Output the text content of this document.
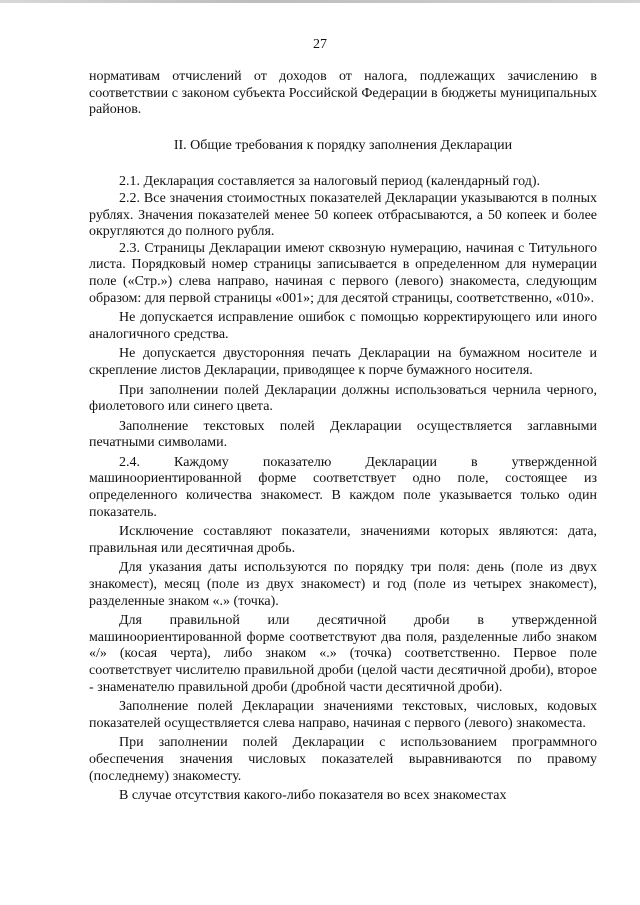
27

нормативам отчислений от доходов от налога, подлежащих зачислению в соответствии с законом субъекта Российской Федерации в бюджеты муниципальных районов.

II. Общие требования к порядку заполнения Декларации

2.1. Декларация составляется за налоговый период (календарный год).

2.2. Все значения стоимостных показателей Декларации указываются в полных рублях. Значения показателей менее 50 копеек отбрасываются, а 50 копеек и более округляются до полного рубля.

2.3. Страницы Декларации имеют сквозную нумерацию, начиная с Титульного листа. Порядковый номер страницы записывается в определенном для нумерации поле («Стр.») слева направо, начиная с первого (левого) знакоместа, следующим образом: для первой страницы «001»; для десятой страницы, соответственно, «010».

Не допускается исправление ошибок с помощью корректирующего или иного аналогичного средства.

Не допускается двусторонняя печать Декларации на бумажном носителе и скрепление листов Декларации, приводящее к порче бумажного носителя.

При заполнении полей Декларации должны использоваться чернила черного, фиолетового или синего цвета.

Заполнение текстовых полей Декларации осуществляется заглавными печатными символами.

2.4. Каждому показателю Декларации в утвержденной машиноориентированной форме соответствует одно поле, состоящее из определенного количества знакомест. В каждом поле указывается только один показатель.

Исключение составляют показатели, значениями которых являются: дата, правильная или десятичная дробь.

Для указания даты используются по порядку три поля: день (поле из двух знакомест), месяц (поле из двух знакомест) и год (поле из четырех знакомест), разделенные знаком «.» (точка).

Для правильной или десятичной дроби в утвержденной машиноориентированной форме соответствуют два поля, разделенные либо знаком «/» (косая черта), либо знаком «.» (точка) соответственно. Первое поле соответствует числителю правильной дроби (целой части десятичной дроби), второе - знаменателю правильной дроби (дробной части десятичной дроби).

Заполнение полей Декларации значениями текстовых, числовых, кодовых показателей осуществляется слева направо, начиная с первого (левого) знакоместа.

При заполнении полей Декларации с использованием программного обеспечения значения числовых показателей выравниваются по правому (последнему) знакоместу.

В случае отсутствия какого-либо показателя во всех знакоместах
